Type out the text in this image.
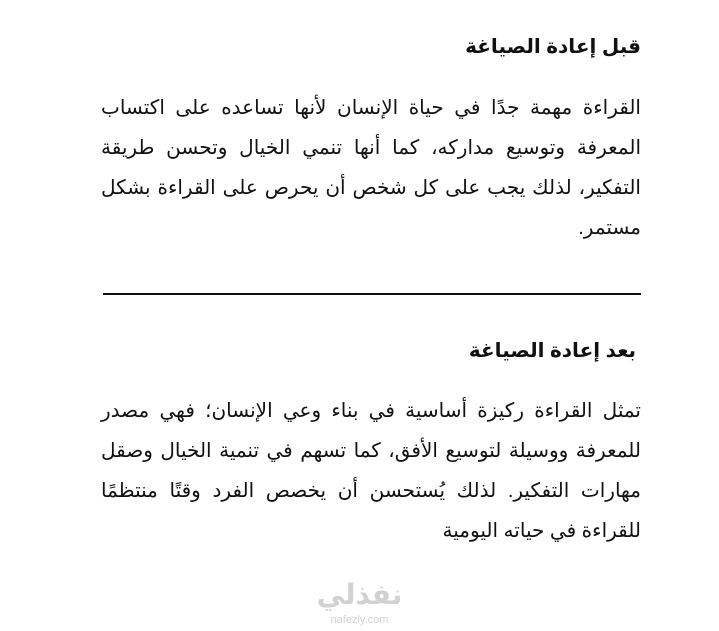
قبل إعادة الصياغة

القراءة مهمة جدًا في حياة الإنسان لأنها تساعده على اكتساب المعرفة وتوسيع مداركه، كما أنها تنمي الخيال وتحسن طريقة التفكير، لذلك يجب على كل شخص أن يحرص على القراءة بشكل مستمر.

بعد إعادة الصياغة

تمثل القراءة ركيزة أساسية في بناء وعي الإنسان؛ فهي مصدر للمعرفة ووسيلة لتوسيع الأفق، كما تسهم في تنمية الخيال وصقل مهارات التفكير. لذلك يُستحسن أن يخصص الفرد وقتًا منتظمًا للقراءة في حياته اليومية

نفذلي
nafezly.com
